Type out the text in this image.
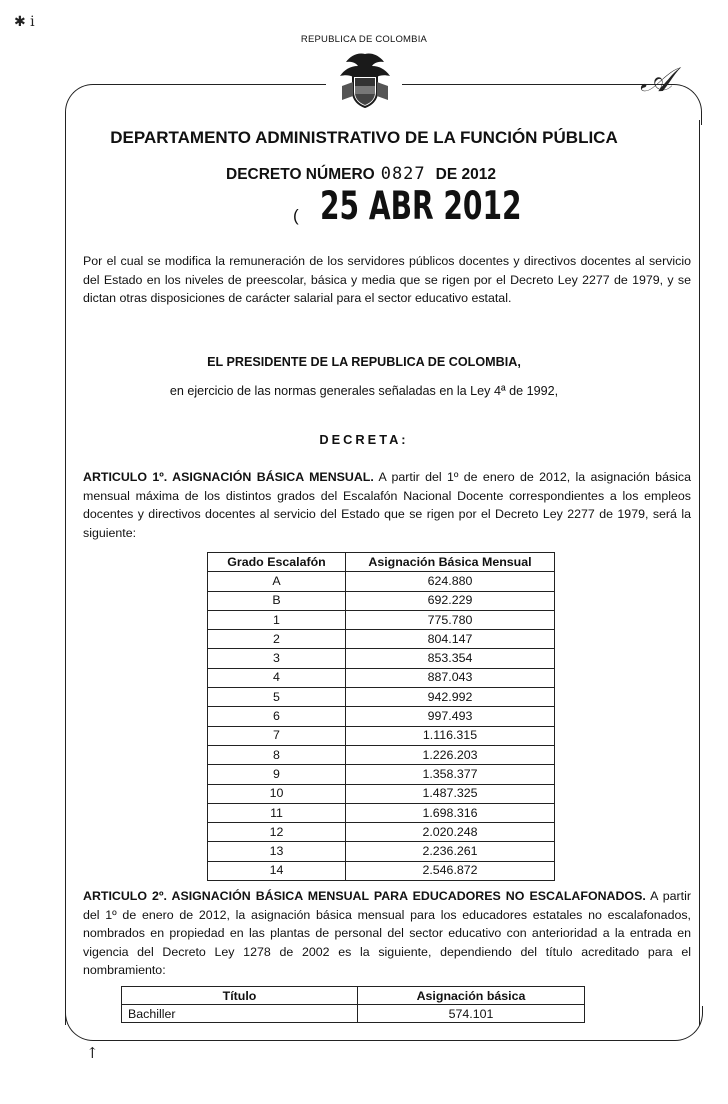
REPUBLICA DE COLOMBIA
✱ ⅰ
𝒜
↑
DEPARTAMENTO ADMINISTRATIVO DE LA FUNCIÓN PÚBLICA
DECRETO NÚMERO 0827 DE 2012
( 25 ABR 2012
Por el cual se modifica la remuneración de los servidores públicos docentes y directivos docentes al servicio del Estado en los niveles de preescolar, básica y media que se rigen por el Decreto Ley 2277 de 1979, y se dictan otras disposiciones de carácter salarial para el sector educativo estatal.
EL PRESIDENTE DE LA REPUBLICA DE COLOMBIA,
en ejercicio de las normas generales señaladas en la Ley 4ª de 1992,
DECRETA:
ARTICULO 1º. ASIGNACIÓN BÁSICA MENSUAL. A partir del 1º de enero de 2012, la asignación básica mensual máxima de los distintos grados del Escalafón Nacional Docente correspondientes a los empleos docentes y directivos docentes al servicio del Estado que se rigen por el Decreto Ley 2277 de 1979, será la siguiente:
Grado Escalafón	Asignación Básica Mensual
A	624.880
B	692.229
1	775.780
2	804.147
3	853.354
4	887.043
5	942.992
6	997.493
7	1.116.315
8	1.226.203
9	1.358.377
10	1.487.325
11	1.698.316
12	2.020.248
13	2.236.261
14	2.546.872
ARTICULO 2º. ASIGNACIÓN BÁSICA MENSUAL PARA EDUCADORES NO ESCALAFONADOS. A partir del 1º de enero de 2012, la asignación básica mensual para los educadores estatales no escalafonados, nombrados en propiedad en las plantas de personal del sector educativo con anterioridad a la entrada en vigencia del Decreto Ley 1278 de 2002 es la siguiente, dependiendo del título acreditado para el nombramiento:
Título	Asignación básica
Bachiller	574.101
